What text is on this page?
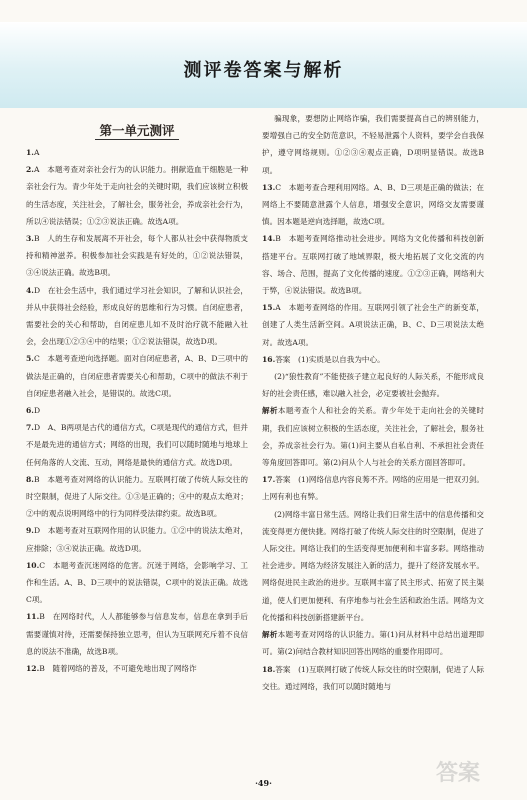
测评卷答案与解析
第一单元测评

1.A

2.A　本题考查对亲社会行为的认识能力。捐献造血干细胞是一种亲社会行为。青少年处于走向社会的关键时期，我们应该树立积极的生活态度，关注社会，了解社会，服务社会，养成亲社会行为，所以④说法错误；①②③说法正确。故选A项。

3.B　人的生存和发展离不开社会，每个人都从社会中获得物质支持和精神滋养。积极参加社会实践是有好处的，①②说法错误，③④说法正确。故选B项。

4.D　在社会生活中，我们通过学习社会知识，了解和认识社会，并从中获得社会经验，形成良好的思维和行为习惯。自闭症患者，需要社会的关心和帮助，自闭症患儿如不及时治疗就不能融入社会，会出现①②③④中的结果；①②说法错误，故选D项。

5.C　本题考查逆向选择题。面对自闭症患者，A、B、D三项中的做法是正确的，自闭症患者需要关心和帮助，C项中的做法不利于自闭症患者融入社会，是错误的。故选C项。

6.D

7.D　A、B两项是古代的通信方式，C项是现代的通信方式，但并不是最先进的通信方式；网络的出现，我们可以随时随地与地球上任何角落的人交流、互动，网络是最快的通信方式。故选D项。

8.B　本题考查对网络的认识能力。互联网打破了传统人际交往的时空限制，促进了人际交往。①③是正确的；④中的观点太绝对；②中的观点说明网络中的行为同样受法律约束。故选B项。

9.D　本题考查对互联网作用的认识能力。①②中的说法太绝对，应排除；③④说法正确。故选D项。

10.C　本题考查沉迷网络的危害。沉迷于网络，会影响学习、工作和生活。A、B、D三项中的说法错误，C项中的说法正确。故选C项。

11.B　在网络时代，人人都能够参与信息发布，信息在拿到手后需要谨慎对待，还需要保持独立思考，但认为互联网充斥着不良信息的说法不准确，故选B项。

12.B　随着网络的普及，不可避免地出现了网络诈

骗现象，要想防止网络诈骗，我们需要提高自己的辨别能力，要增强自己的安全防范意识，不轻易泄露个人资料，要学会自我保护，遵守网络规则。①②③④观点正确，D项明显错误。故选B项。

13.C　本题考查合理利用网络。A、B、D三项是正确的做法；在网络上不要随意泄露个人信息，增强安全意识，网络交友需要谨慎。因本题是逆向选择题，故选C项。

14.B　本题考查网络推动社会进步。网络为文化传播和科技创新搭建平台。互联网打破了地域界限，极大地拓展了文化交流的内容、场合、范围，提高了文化传播的速度。①②③正确，网络利大于弊，④说法错误。故选B项。

15.A　本题考查网络的作用。互联网引领了社会生产的新变革，创建了人类生活新空间。A项说法正确，B、C、D三项说法太绝对。故选A项。

16.答案　(1)实质是以自我为中心。

(2)“狼性教育”不能使孩子建立起良好的人际关系，不能形成良好的社会责任感，难以融入社会，必定要被社会抛弃。

解析本题考查个人和社会的关系。青少年处于走向社会的关键时期，我们应该树立积极的生活态度，关注社会，了解社会，服务社会，养成亲社会行为。第(1)问主要从自私自利、不承担社会责任等角度回答即可。第(2)问从个人与社会的关系方面回答即可。

17.答案　(1)网络信息内容良莠不齐。网络的应用是一把双刃剑。上网有利也有弊。

(2)网络丰富日常生活。网络让我们日常生活中的信息传播和交流变得更方便快捷。网络打破了传统人际交往的时空限制，促进了人际交往。网络让我们的生活变得更加便利和丰富多彩。网络推动社会进步。网络为经济发展注入新的活力，提升了经济发展水平。网络促进民主政治的进步。互联网丰富了民主形式、拓宽了民主渠道，使人们更加便利、有序地参与社会生活和政治生活。网络为文化传播和科技创新搭建新平台。

解析本题考查对网络的认识能力。第(1)问从材料中总结出道理即可。第(2)问结合教材知识回答出网络的重要作用即可。

18.答案　(1)互联网打破了传统人际交往的时空限制，促进了人际交往。通过网络，我们可以随时随地与

·49·	答案
